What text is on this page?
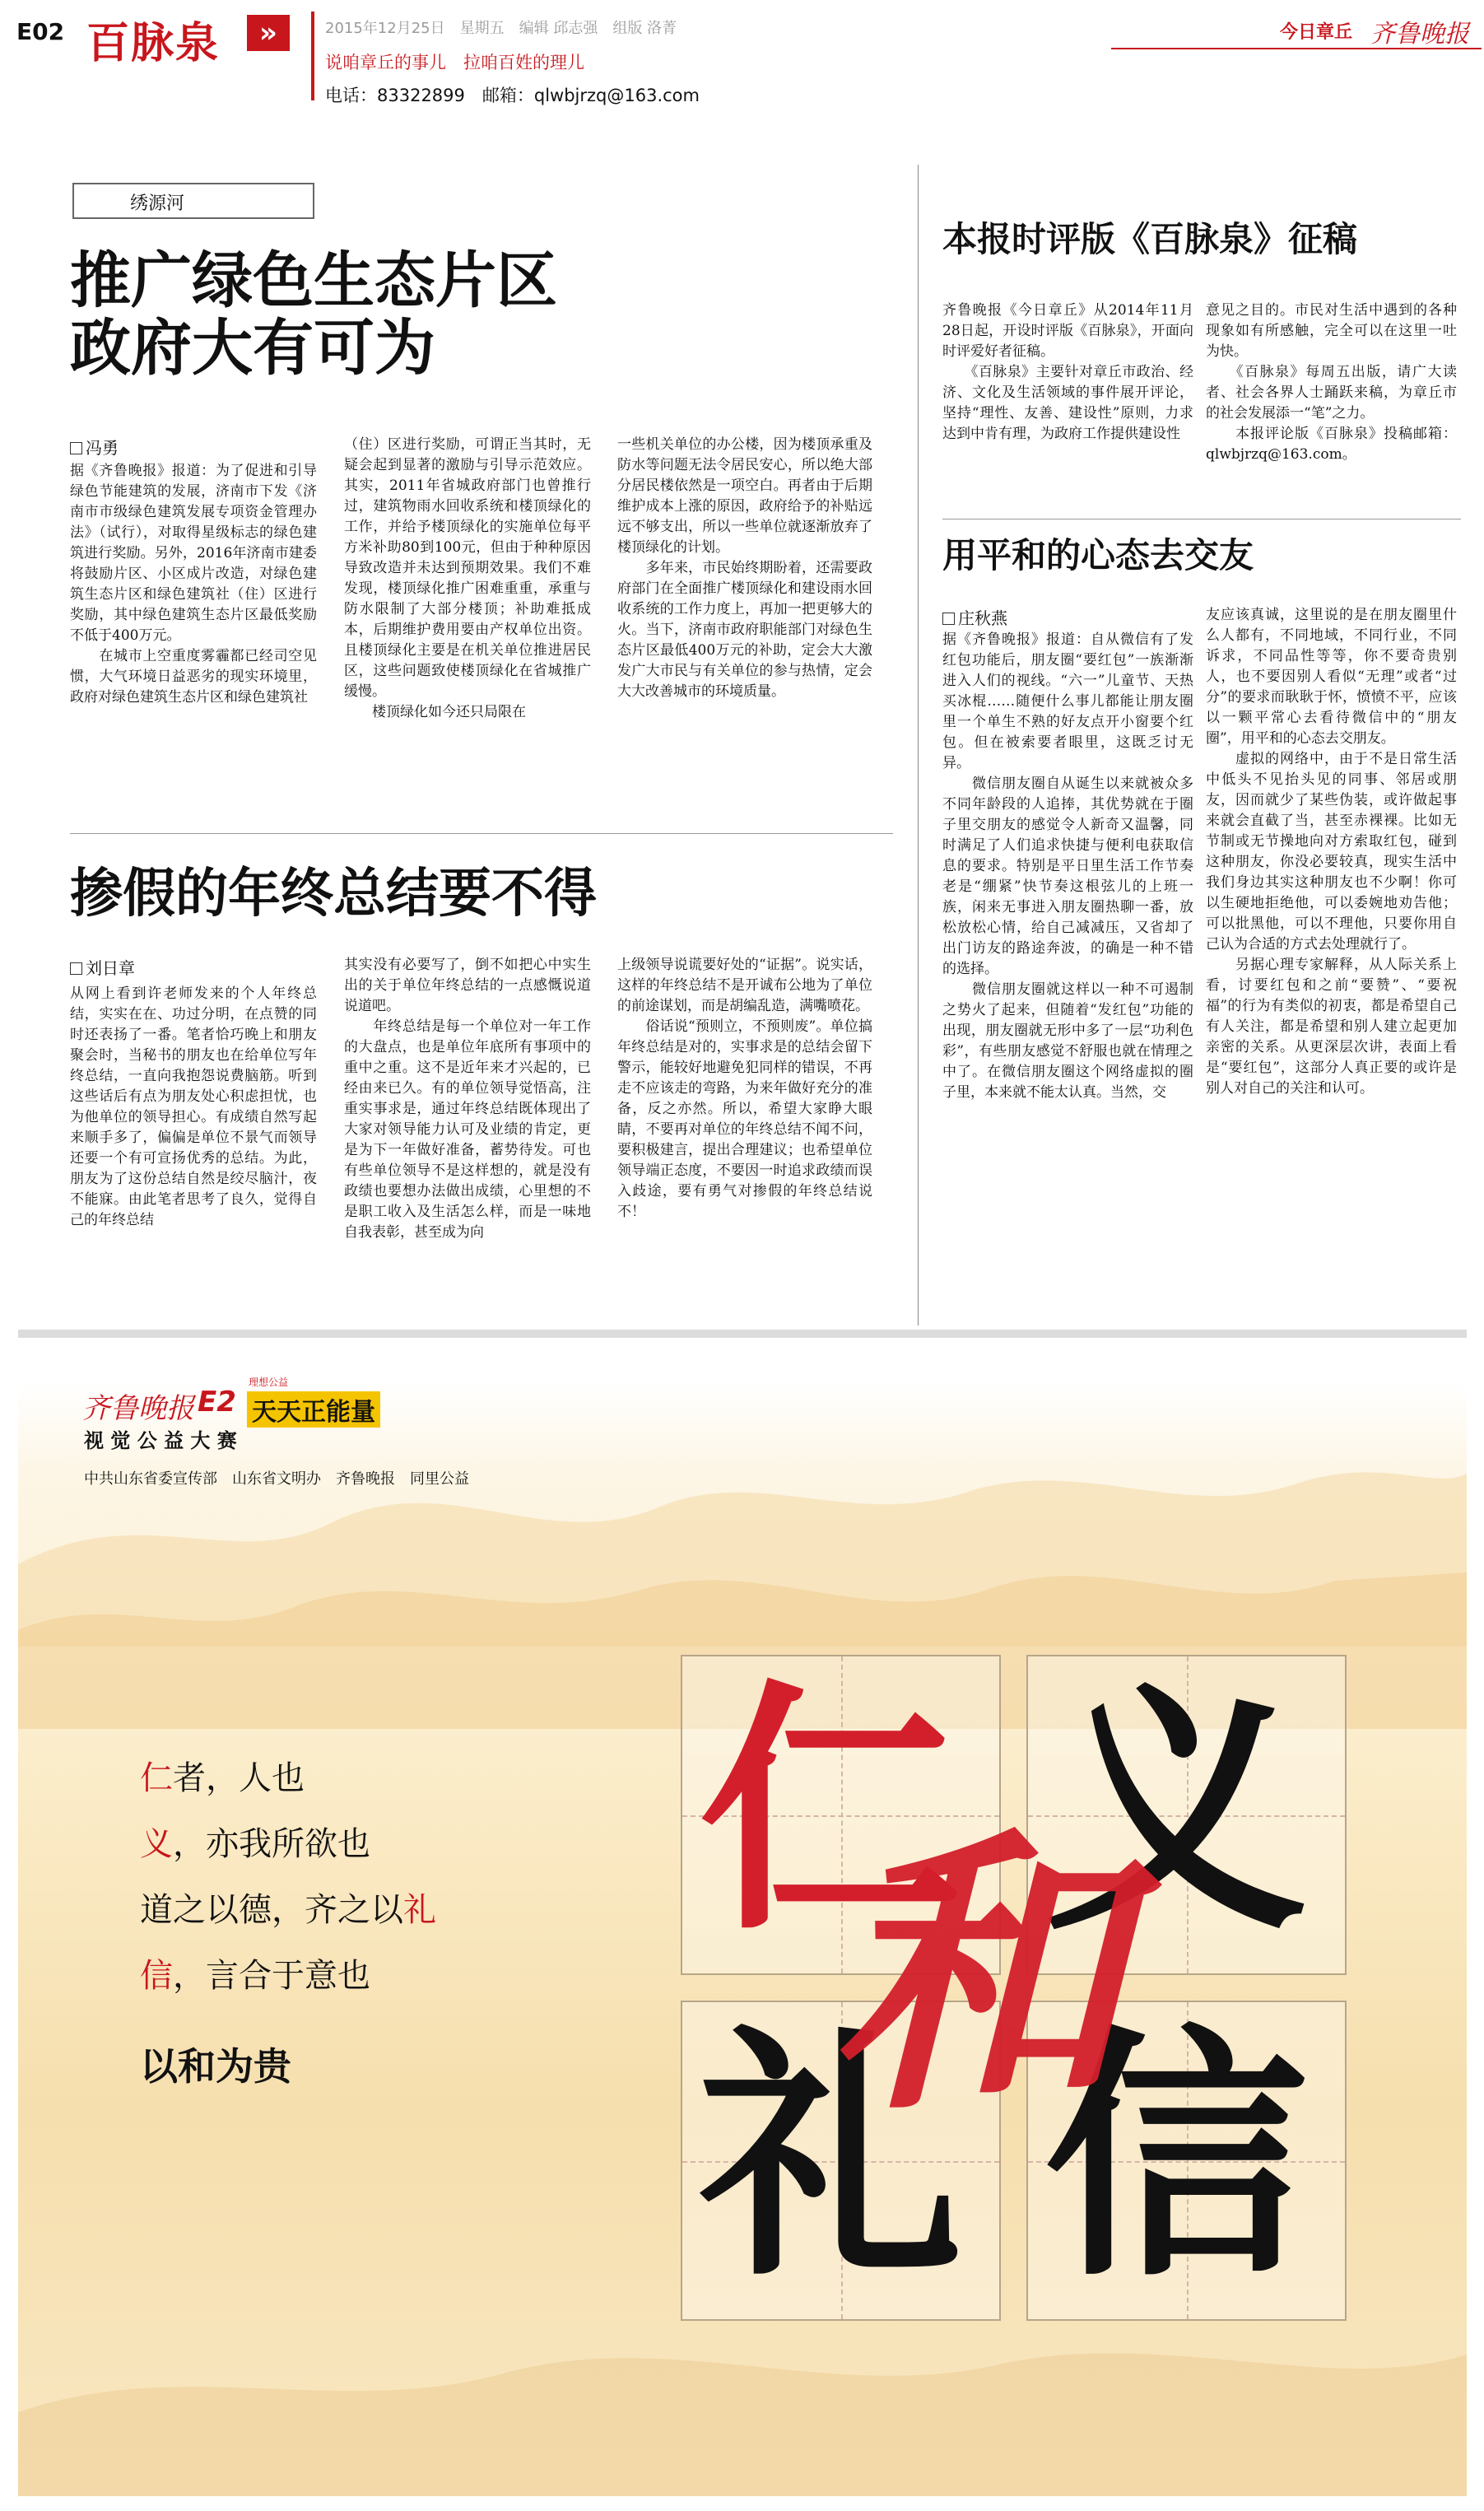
E02 百脉泉	»	2015年12月25日　星期五　编辑 邱志强　组版 洛菁
说咱章丘的事儿　拉咱百姓的理儿
电话：83322899　邮箱：qlwbjrzq@163.com
今日章丘 齐鲁晚报
绣源河
推广绿色生态片区
政府大有可为
冯勇
据《齐鲁晚报》报道：为了促进和引导绿色节能建筑的发展，济南市下发《济南市市级绿色建筑发展专项资金管理办法》（试行），对取得星级标志的绿色建筑进行奖励。另外，2016年济南市建委将鼓励片区、小区成片改造，对绿色建筑生态片区和绿色建筑社（住）区进行奖励，其中绿色建筑生态片区最低奖励不低于400万元。
　　在城市上空重度雾霾都已经司空见惯，大气环境日益恶劣的现实环境里，政府对绿色建筑生态片区和绿色建筑社
（住）区进行奖励，可谓正当其时，无疑会起到显著的激励与引导示范效应。其实，2011年省城政府部门也曾推行过，建筑物雨水回收系统和楼顶绿化的工作，并给予楼顶绿化的实施单位每平方米补助80到100元，但由于种种原因导致改造并未达到预期效果。我们不难发现，楼顶绿化推广困难重重，承重与防水限制了大部分楼顶；补助难抵成本，后期维护费用要由产权单位出资。且楼顶绿化主要是在机关单位推进居民区，这些问题致使楼顶绿化在省城推广缓慢。
　　楼顶绿化如今还只局限在
一些机关单位的办公楼，因为楼顶承重及防水等问题无法令居民安心，所以绝大部分居民楼依然是一项空白。再者由于后期维护成本上涨的原因，政府给予的补贴远远不够支出，所以一些单位就逐渐放弃了楼顶绿化的计划。
　　多年来，市民始终期盼着，还需要政府部门在全面推广楼顶绿化和建设雨水回收系统的工作力度上，再加一把更够大的火。当下，济南市政府职能部门对绿色生态片区最低400万元的补助，定会大大激发广大市民与有关单位的参与热情，定会大大改善城市的环境质量。
掺假的年终总结要不得
刘日章
从网上看到许老师发来的个人年终总结，实实在在、功过分明，在点赞的同时还表扬了一番。笔者恰巧晚上和朋友聚会时，当秘书的朋友也在给单位写年终总结，一直向我抱怨说费脑筋。听到这些话后有点为朋友处心积虑担忧，也为他单位的领导担心。有成绩自然写起来顺手多了，偏偏是单位不景气而领导还要一个有可宣扬优秀的总结。为此，朋友为了这份总结自然是绞尽脑汁，夜不能寐。由此笔者思考了良久，觉得自己的年终总结
其实没有必要写了，倒不如把心中实生出的关于单位年终总结的一点感慨说道说道吧。
　　年终总结是每一个单位对一年工作的大盘点，也是单位年底所有事项中的重中之重。这不是近年来才兴起的，已经由来已久。有的单位领导觉悟高，注重实事求是，通过年终总结既体现出了大家对领导能力认可及业绩的肯定，更是为下一年做好准备，蓄势待发。可也有些单位领导不是这样想的，就是没有政绩也要想办法做出成绩，心里想的不是职工收入及生活怎么样，而是一味地自我表彰，甚至成为向
上级领导说谎要好处的“证据”。说实话，这样的年终总结不是开诚布公地为了单位的前途谋划，而是胡编乱造，满嘴喷花。
　　俗话说“预则立，不预则废”。单位搞年终总结是对的，实事求是的总结会留下警示，能较好地避免犯同样的错误，不再走不应该走的弯路，为来年做好充分的准备，反之亦然。所以，希望大家睁大眼睛，不要再对单位的年终总结不闻不问，要积极建言，提出合理建议；也希望单位领导端正态度，不要因一时追求政绩而误入歧途，要有勇气对掺假的年终总结说不！
本报时评版《百脉泉》征稿
齐鲁晚报《今日章丘》从2014年11月28日起，开设时评版《百脉泉》，开面向时评爱好者征稿。
　　《百脉泉》主要针对章丘市政治、经济、文化及生活领域的事件展开评论，坚持“理性、友善、建设性”原则，力求达到中肯有理，为政府工作提供建设性
意见之目的。市民对生活中遇到的各种现象如有所感触，完全可以在这里一吐为快。
　　《百脉泉》每周五出版，请广大读者、社会各界人士踊跃来稿，为章丘市的社会发展添一“笔”之力。
　　本报评论版《百脉泉》投稿邮箱：qlwbjrzq@163.com。
用平和的心态去交友
庄秋燕
据《齐鲁晚报》报道：自从微信有了发红包功能后，朋友圈“要红包”一族渐渐进入人们的视线。“六一”儿童节、天热买冰棍……随便什么事儿都能让朋友圈里一个单生不熟的好友点开小窗要个红包。但在被索要者眼里，这既乏讨无异。
　　微信朋友圈自从诞生以来就被众多不同年龄段的人追捧，其优势就在于圈子里交朋友的感觉令人新奇又温馨，同时满足了人们追求快捷与便利电获取信息的要求。特别是平日里生活工作节奏老是“绷紧”快节奏这根弦儿的上班一族，闲来无事进入朋友圈热聊一番，放松放松心情，给自己减减压，又省却了出门访友的路途奔波，的确是一种不错的选择。
　　微信朋友圈就这样以一种不可遏制之势火了起来，但随着“发红包”功能的出现，朋友圈就无形中多了一层“功利色彩”，有些朋友感觉不舒服也就在情理之中了。在微信朋友圈这个网络虚拟的圈子里，本来就不能太认真。当然，交
友应该真诚，这里说的是在朋友圈里什么人都有，不同地域，不同行业，不同诉求，不同品性等等，你不要奇贵别人，也不要因别人看似“无理”或者“过分”的要求而耿耿于怀，愤愤不平，应该以一颗平常心去看待微信中的“朋友圈”，用平和的心态去交朋友。
　　虚拟的网络中，由于不是日常生活中低头不见抬头见的同事、邻居或朋友，因而就少了某些伪装，或许做起事来就会直截了当，甚至赤裸裸。比如无节制或无节操地向对方索取红包，碰到这种朋友，你没必要较真，现实生活中我们身边其实这种朋友也不少啊！你可以生硬地拒绝他，可以委婉地劝告他；可以批黑他，可以不理他，只要你用自己认为合适的方式去处理就行了。
　　另据心理专家解释，从人际关系上看，讨要红包和之前“要赞”、“要祝福”的行为有类似的初衷，都是希望自己有人关注，都是希望和别人建立起更加亲密的关系。从更深层次讲，表面上看是“要红包”，这部分人真正要的或许是别人对自己的关注和认可。
齐鲁晚报 E2 天天正能量
理想公益
视 觉 公 益 大 赛
中共山东省委宣传部　山东省文明办　齐鲁晚报　同里公益
仁者，人也
义，亦我所欲也
道之以德，齐之以礼
信，言合于意也
以和为贵
仁 义
礼 信
和
